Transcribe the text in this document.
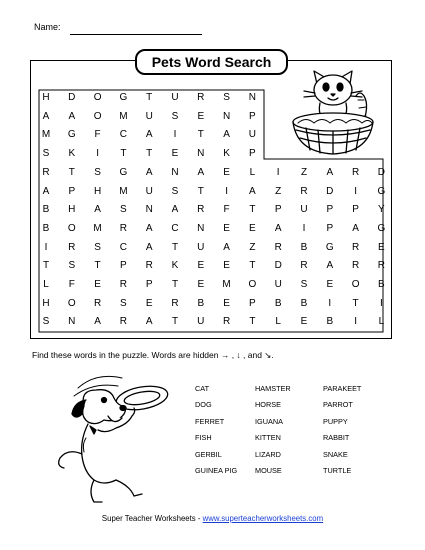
Name:
Pets Word Search
H	D	O	G	T	U	R	S	N
A	A	O	M	U	S	E	N	P
M	G	F	C	A	I	T	A	U
S	K	I	T	T	E	N	K	P
R	T	S	G	A	N	A	E	L	I	Z	A	R	D
A	P	H	M	U	S	T	I	A	Z	R	D	I	G
B	H	A	S	N	A	R	F	T	P	U	P	P	Y
B	O	M	R	A	C	N	E	E	A	I	P	A	G
I	R	S	C	A	T	U	A	Z	R	B	G	R	E
T	S	T	P	R	K	E	E	T	D	R	A	R	R
L	F	E	R	P	T	E	M	O	U	S	E	O	B
H	O	R	S	E	R	B	E	P	B	B	I	T	I
S	N	A	R	A	T	U	R	T	L	E	B	I	L
Find these words in the puzzle. Words are hidden → , ↓ , and ↘.
CAT
DOG
FERRET
FISH
GERBIL
GUINEA PIG
HAMSTER
HORSE
IGUANA
KITTEN
LIZARD
MOUSE
PARAKEET
PARROT
PUPPY
RABBIT
SNAKE
TURTLE
Super Teacher Worksheets - www.superteacherworksheets.com
